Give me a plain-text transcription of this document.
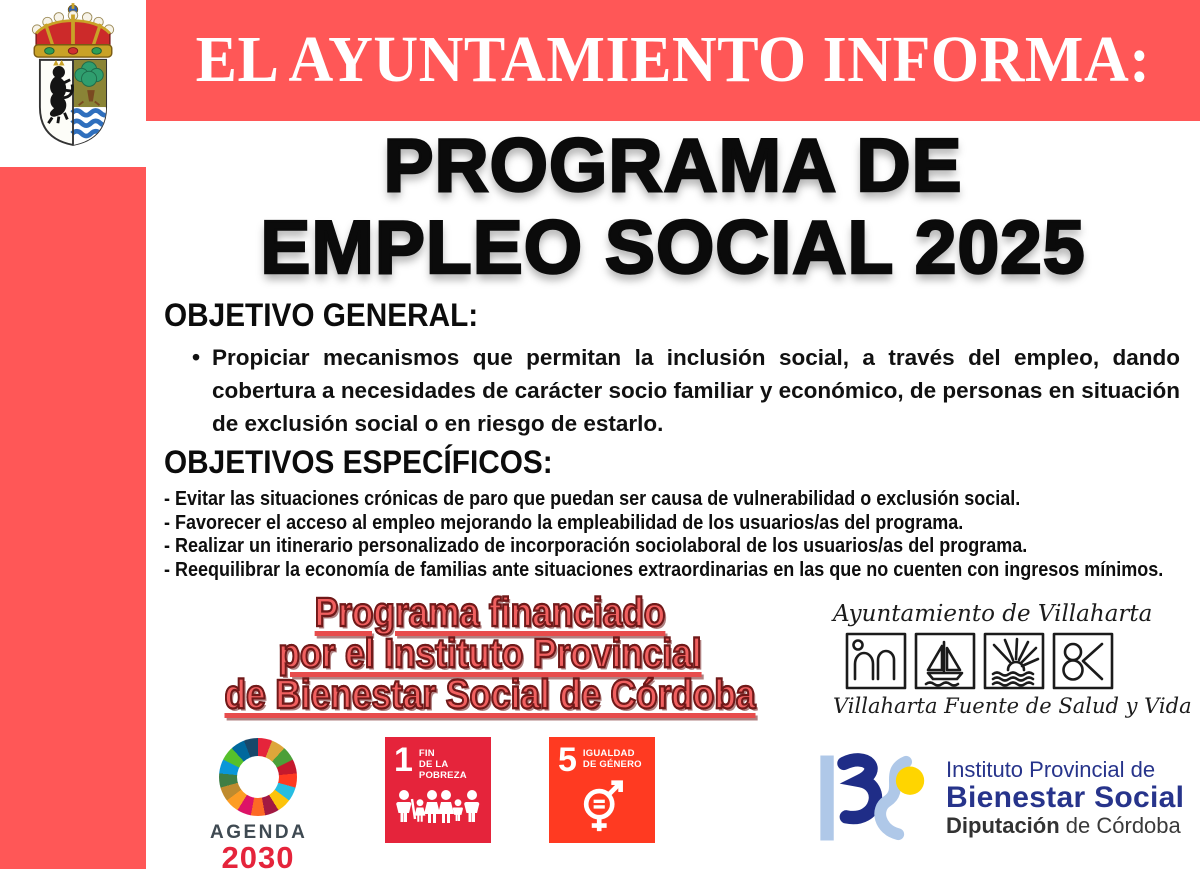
EL AYUNTAMIENTO INFORMA:
PROGRAMA DE
EMPLEO SOCIAL 2025
OBJETIVO GENERAL:
• Propiciar mecanismos que permitan la inclusión social, a través del empleo, dando cobertura a necesidades de carácter socio familiar y económico, de personas en situación de exclusión social o en riesgo de estarlo.
OBJETIVOS ESPECÍFICOS:
- Evitar las situaciones crónicas de paro que puedan ser causa de vulnerabilidad o exclusión social.
- Favorecer el acceso al empleo mejorando la empleabilidad de los usuarios/as del programa.
- Realizar un itinerario personalizado de incorporación sociolaboral de los usuarios/as del programa.
- Reequilibrar la economía de familias ante situaciones extraordinarias en las que no cuenten con ingresos mínimos.
Programa financiado
por el Instituto Provincial
de Bienestar Social de Córdoba
Ayuntamiento de Villaharta
Villaharta Fuente de Salud y Vida
AGENDA
2030
1 FIN
DE LA POBREZA	5 IGUALDAD
DE GÉNERO	Instituto Provincial de
Bienestar Social
Diputación de Córdoba
